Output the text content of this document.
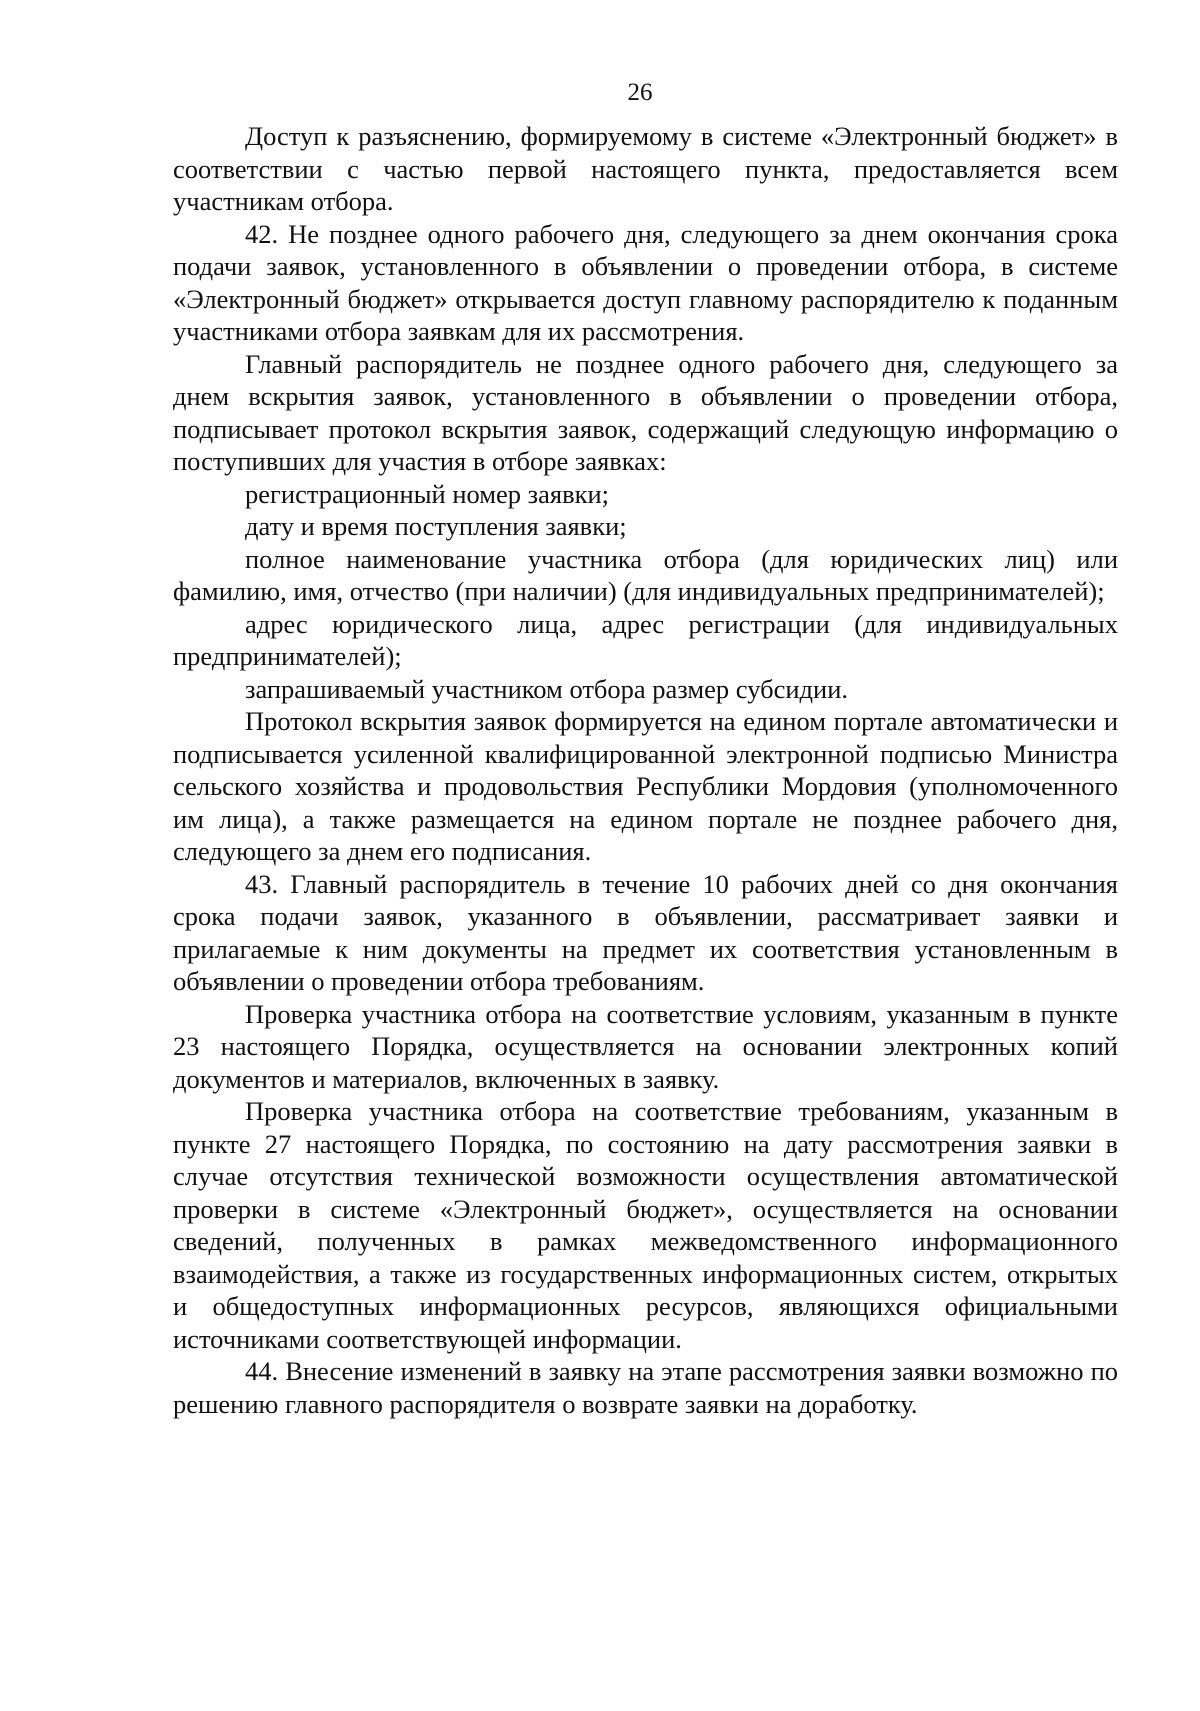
26

Доступ к разъяснению, формируемому в системе «Электронный бюджет» в соответствии с частью первой настоящего пункта, предоставляется всем участникам отбора.

42. Не позднее одного рабочего дня, следующего за днем окончания срока подачи заявок, установленного в объявлении о проведении отбора, в системе «Электронный бюджет» открывается доступ главному распорядителю к поданным участниками отбора заявкам для их рассмотрения.

Главный распорядитель не позднее одного рабочего дня, следующего за днем вскрытия заявок, установленного в объявлении о проведении отбора, подписывает протокол вскрытия заявок, содержащий следующую информацию о поступивших для участия в отборе заявках:

регистрационный номер заявки;

дату и время поступления заявки;

полное наименование участника отбора (для юридических лиц) или фамилию, имя, отчество (при наличии) (для индивидуальных предпринимателей);

адрес юридического лица, адрес регистрации (для индивидуальных предпринимателей);

запрашиваемый участником отбора размер субсидии.

Протокол вскрытия заявок формируется на едином портале автоматически и подписывается усиленной квалифицированной электронной подписью Министра сельского хозяйства и продовольствия Республики Мордовия (уполномоченного им лица), а также размещается на едином портале не позднее рабочего дня, следующего за днем его подписания.

43. Главный распорядитель в течение 10 рабочих дней со дня окончания срока подачи заявок, указанного в объявлении, рассматривает заявки и прилагаемые к ним документы на предмет их соответствия установленным в объявлении о проведении отбора требованиям.

Проверка участника отбора на соответствие условиям, указанным в пункте 23 настоящего Порядка, осуществляется на основании электронных копий документов и материалов, включенных в заявку.

Проверка участника отбора на соответствие требованиям, указанным в пункте 27 настоящего Порядка, по состоянию на дату рассмотрения заявки в случае отсутствия технической возможности осуществления автоматической проверки в системе «Электронный бюджет», осуществляется на основании сведений, полученных в рамках межведомственного информационного взаимодействия, а также из государственных информационных систем, открытых и общедоступных информационных ресурсов, являющихся официальными источниками соответствующей информации.

44. Внесение изменений в заявку на этапе рассмотрения заявки возможно по решению главного распорядителя о возврате заявки на доработку.
